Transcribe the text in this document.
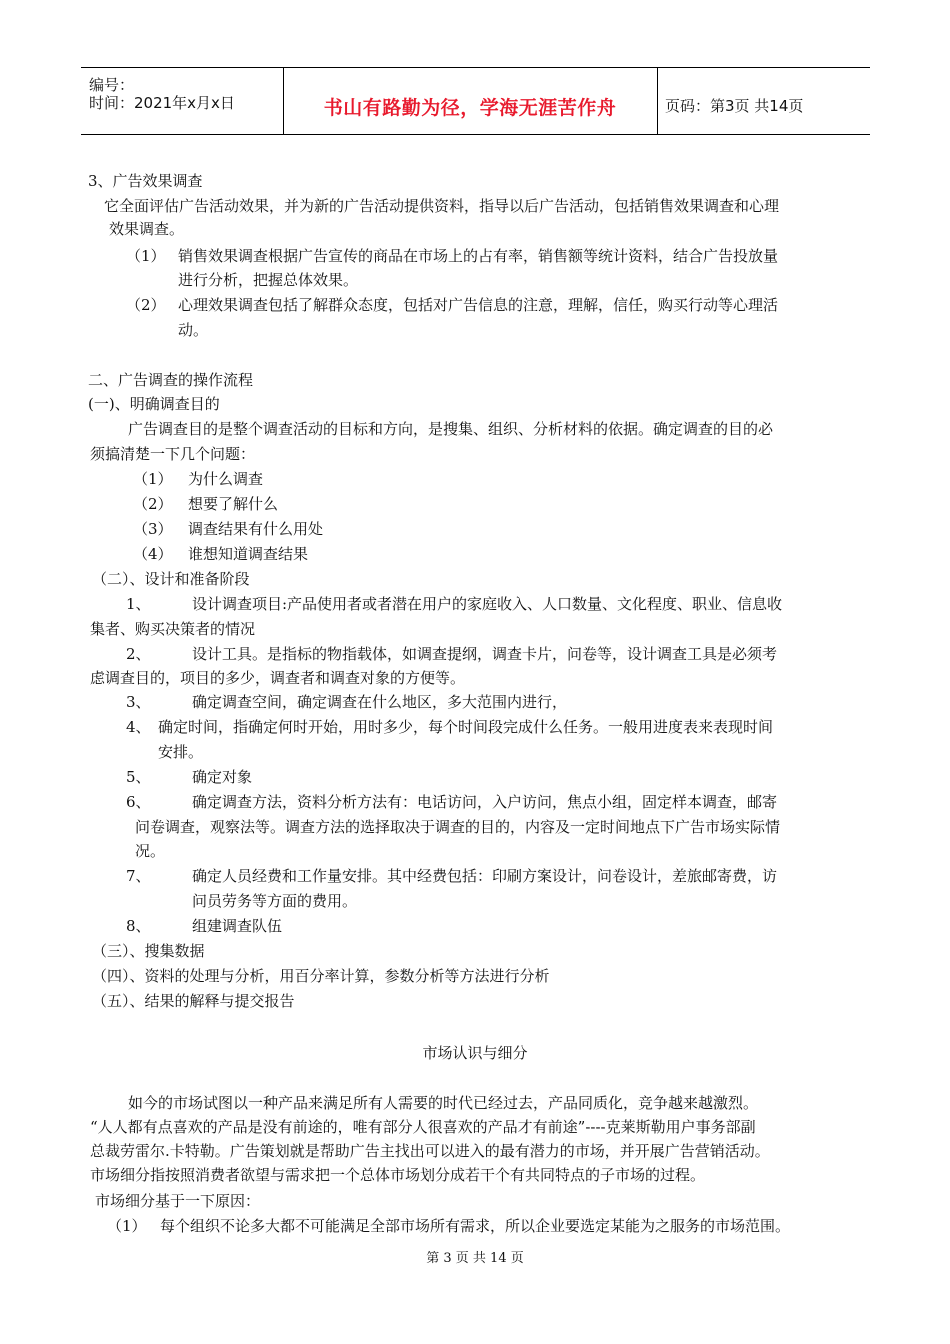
编号：
时间：2021年x月x日	书山有路勤为径，学海无涯苦作舟	页码：第3页 共14页
3、广告效果调查
它全面评估广告活动效果，并为新的广告活动提供资料，指导以后广告活动，包括销售效果调查和心理
效果调查。
（1） 销售效果调查根据广告宣传的商品在市场上的占有率，销售额等统计资料，结合广告投放量
进行分析，把握总体效果。
（2） 心理效果调查包括了解群众态度，包括对广告信息的注意，理解，信任，购买行动等心理活
动。
二、广告调查的操作流程
(一)、明确调查目的
广告调查目的是整个调查活动的目标和方向，是搜集、组织、分析材料的依据。确定调查的目的必
须搞清楚一下几个问题：
（1） 为什么调查
（2） 想要了解什么
（3） 调查结果有什么用处
（4） 谁想知道调查结果
（二）、设计和准备阶段
1、	设计调查项目:产品使用者或者潜在用户的家庭收入、人口数量、文化程度、职业、信息收
集者、购买决策者的情况
2、	设计工具。是指标的物指载体，如调查提纲，调查卡片，问卷等，设计调查工具是必须考
虑调查目的，项目的多少，调查者和调查对象的方便等。
3、	确定调查空间，确定调查在什么地区，多大范围内进行，
4、 确定时间，指确定何时开始，用时多少，每个时间段完成什么任务。一般用进度表来表现时间
安排。
5、	确定对象
6、	确定调查方法，资料分析方法有：电话访问，入户访问，焦点小组，固定样本调查，邮寄
问卷调查，观察法等。调查方法的选择取决于调查的目的，内容及一定时间地点下广告市场实际情
况。
7、	确定人员经费和工作量安排。其中经费包括：印刷方案设计，问卷设计，差旅邮寄费，访
问员劳务等方面的费用。
8、	组建调查队伍
（三）、搜集数据
（四）、资料的处理与分析，用百分率计算，参数分析等方法进行分析
（五）、结果的解释与提交报告
市场认识与细分
如今的市场试图以一种产品来满足所有人需要的时代已经过去，产品同质化，竞争越来越激烈。
“人人都有点喜欢的产品是没有前途的，唯有部分人很喜欢的产品才有前途”----克莱斯勒用户事务部副
总裁劳雷尔.卡特勒。广告策划就是帮助广告主找出可以进入的最有潜力的市场，并开展广告营销活动。
市场细分指按照消费者欲望与需求把一个总体市场划分成若干个有共同特点的子市场的过程。
市场细分基于一下原因：
（1） 每个组织不论多大都不可能满足全部市场所有需求，所以企业要选定某能为之服务的市场范围。
第 3 页 共 14 页
